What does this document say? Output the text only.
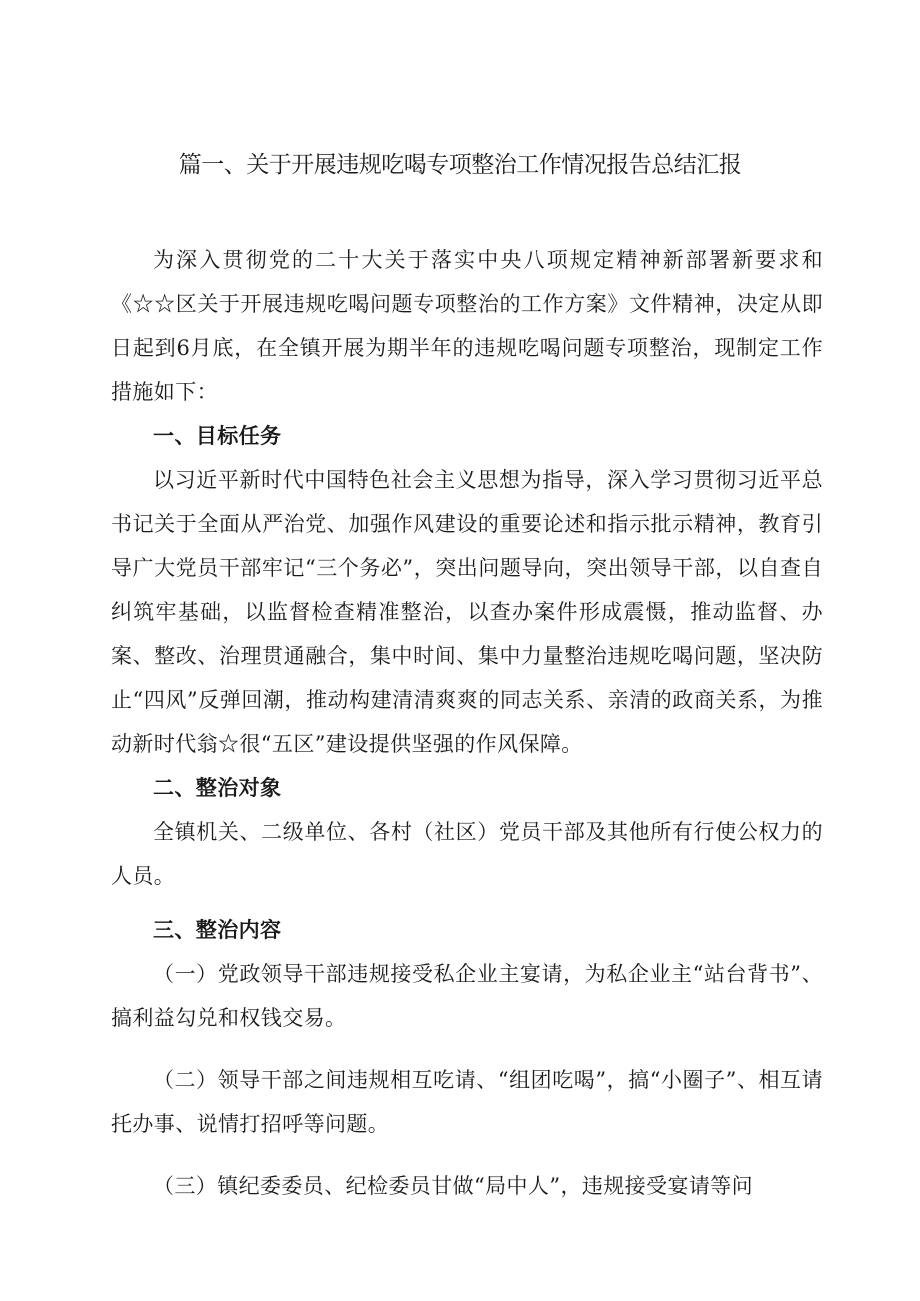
篇一、关于开展违规吃喝专项整治工作情况报告总结汇报

为深入贯彻党的二十大关于落实中央八项规定精神新部署新要求和《☆☆区关于开展违规吃喝问题专项整治的工作方案》文件精神，决定从即日起到6月底，在全镇开展为期半年的违规吃喝问题专项整治，现制定工作措施如下：

一、目标任务

以习近平新时代中国特色社会主义思想为指导，深入学习贯彻习近平总书记关于全面从严治党、加强作风建设的重要论述和指示批示精神，教育引导广大党员干部牢记“三个务必”，突出问题导向，突出领导干部，以自查自纠筑牢基础，以监督检查精准整治，以查办案件形成震慑，推动监督、办案、整改、治理贯通融合，集中时间、集中力量整治违规吃喝问题，坚决防止“四风”反弹回潮，推动构建清清爽爽的同志关系、亲清的政商关系，为推动新时代翁☆很“五区”建设提供坚强的作风保障。

二、整治对象

全镇机关、二级单位、各村（社区）党员干部及其他所有行使公权力的人员。

三、整治内容

（一）党政领导干部违规接受私企业主宴请，为私企业主“站台背书”、搞利益勾兑和权钱交易。

（二）领导干部之间违规相互吃请、“组团吃喝”，搞“小圈子”、相互请托办事、说情打招呼等问题。

（三）镇纪委委员、纪检委员甘做“局中人”，违规接受宴请等问
